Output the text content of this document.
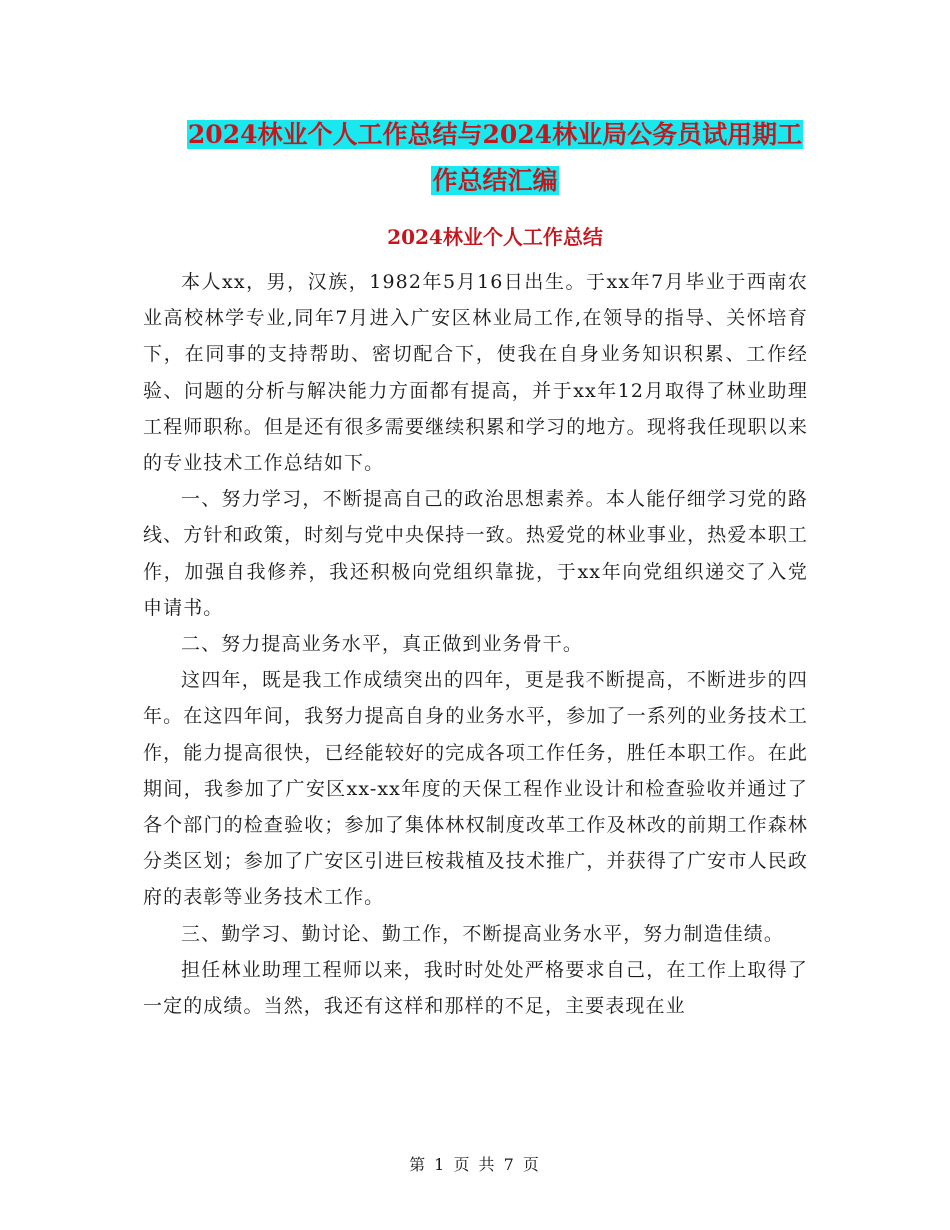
2024林业个人工作总结与2024林业局公务员试用期工
作总结汇编
2024林业个人工作总结

本人xx，男，汉族，1982年5月16日出生。于xx年7月毕业于西南农业高校林学专业,同年7月进入广安区林业局工作,在领导的指导、关怀培育下，在同事的支持帮助、密切配合下，使我在自身业务知识积累、工作经验、问题的分析与解决能力方面都有提高，并于xx年12月取得了林业助理工程师职称。但是还有很多需要继续积累和学习的地方。现将我任现职以来的专业技术工作总结如下。

一、努力学习，不断提高自己的政治思想素养。本人能仔细学习党的路线、方针和政策，时刻与党中央保持一致。热爱党的林业事业，热爱本职工作，加强自我修养，我还积极向党组织靠拢，于xx年向党组织递交了入党申请书。

二、努力提高业务水平，真正做到业务骨干。

这四年，既是我工作成绩突出的四年，更是我不断提高，不断进步的四年。在这四年间，我努力提高自身的业务水平，参加了一系列的业务技术工作，能力提高很快，已经能较好的完成各项工作任务，胜任本职工作。在此期间，我参加了广安区xx-xx年度的天保工程作业设计和检查验收并通过了各个部门的检查验收；参加了集体林权制度改革工作及林改的前期工作森林分类区划；参加了广安区引进巨桉栽植及技术推广，并获得了广安市人民政府的表彰等业务技术工作。

三、勤学习、勤讨论、勤工作，不断提高业务水平，努力制造佳绩。

担任林业助理工程师以来，我时时处处严格要求自己，在工作上取得了一定的成绩。当然，我还有这样和那样的不足，主要表现在业

第 1 页 共 7 页
